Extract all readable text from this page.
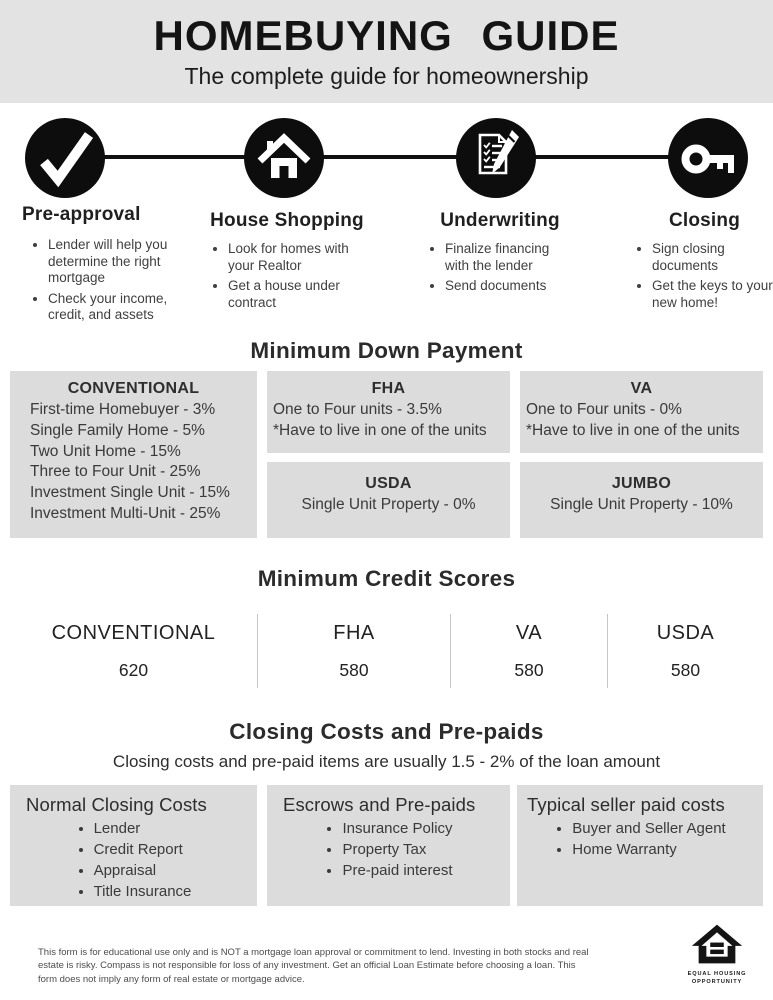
HOMEBUYING GUIDE

The complete guide for homeownership

Pre-approval
• Lender will help you determine the right mortgage
• Check your income, credit, and assets
House Shopping
• Look for homes with your Realtor
• Get a house under contract
Underwriting
• Finalize financing with the lender
• Send documents
Closing
• Sign closing documents
• Get the keys to your new home!
Minimum Down Payment
CONVENTIONAL
First-time Homebuyer - 3%
Single Family Home - 5%
Two Unit Home - 15%
Three to Four Unit - 25%
Investment Single Unit - 15%
Investment Multi-Unit - 25%
FHA
One to Four units - 3.5%
*Have to live in one of the units
VA
One to Four units - 0%
*Have to live in one of the units
USDA
Single Unit Property - 0%
JUMBO
Single Unit Property - 10%
Minimum Credit Scores
CONVENTIONAL
620
FHA
580
VA
580
USDA
580
Closing Costs and Pre-paids

Closing costs and pre-paid items are usually 1.5 - 2% of the loan amount

Normal Closing Costs
• Lender
• Credit Report
• Appraisal
• Title Insurance
Escrows and Pre-paids
• Insurance Policy
• Property Tax
• Pre-paid interest
Typical seller paid costs
• Buyer and Seller Agent
• Home Warranty

This form is for educational use only and is NOT a mortgage loan approval or commitment to lend. Investing in both stocks and real estate is risky. Compass is not responsible for loss of any investment. Get an official Loan Estimate before choosing a loan. This form does not imply any form of real estate or mortgage advice.	EQUAL HOUSING
OPPORTUNITY
